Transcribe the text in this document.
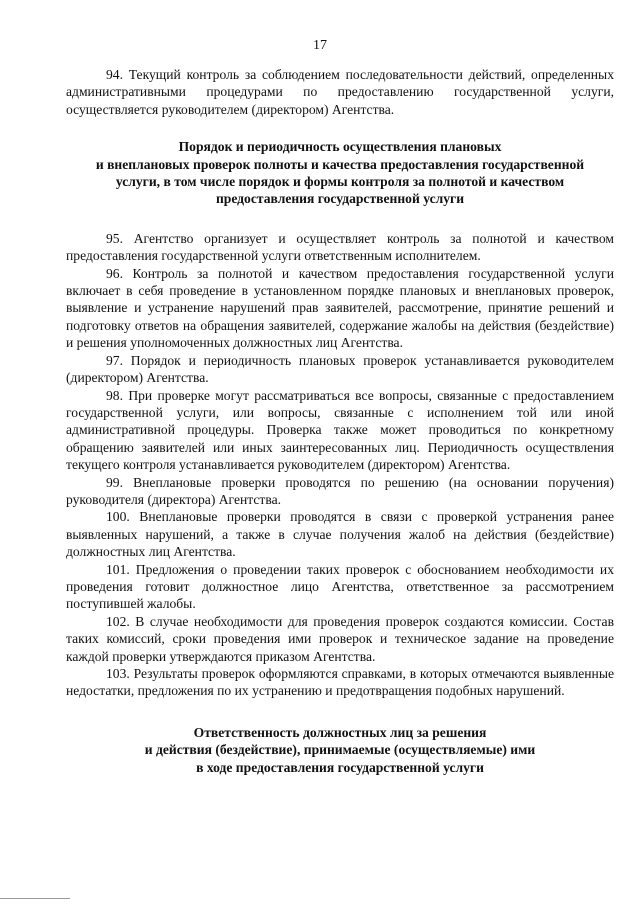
17

94. Текущий контроль за соблюдением последовательности действий, определенных административными процедурами по предоставлению государственной услуги, осуществляется руководителем (директором) Агентства.

Порядок и периодичность осуществления плановых
и внеплановых проверок полноты и качества предоставления государственной
услуги, в том числе порядок и формы контроля за полнотой и качеством
предоставления государственной услуги

95. Агентство организует и осуществляет контроль за полнотой и качеством предоставления государственной услуги ответственным исполнителем.

96. Контроль за полнотой и качеством предоставления государственной услуги включает в себя проведение в установленном порядке плановых и внеплановых проверок, выявление и устранение нарушений прав заявителей, рассмотрение, принятие решений и подготовку ответов на обращения заявителей, содержание жалобы на действия (бездействие) и решения уполномоченных должностных лиц Агентства.

97. Порядок и периодичность плановых проверок устанавливается руководителем (директором) Агентства.

98. При проверке могут рассматриваться все вопросы, связанные с предоставлением государственной услуги, или вопросы, связанные с исполнением той или иной административной процедуры. Проверка также может проводиться по конкретному обращению заявителей или иных заинтересованных лиц. Периодичность осуществления текущего контроля устанавливается руководителем (директором) Агентства.

99. Внеплановые проверки проводятся по решению (на основании поручения) руководителя (директора) Агентства.

100. Внеплановые проверки проводятся в связи с проверкой устранения ранее выявленных нарушений, а также в случае получения жалоб на действия (бездействие) должностных лиц Агентства.

101. Предложения о проведении таких проверок с обоснованием необходимости их проведения готовит должностное лицо Агентства, ответственное за рассмотрением поступившей жалобы.

102. В случае необходимости для проведения проверок создаются комиссии. Состав таких комиссий, сроки проведения ими проверок и техническое задание на проведение каждой проверки утверждаются приказом Агентства.

103. Результаты проверок оформляются справками, в которых отмечаются выявленные недостатки, предложения по их устранению и предотвращения подобных нарушений.

Ответственность должностных лиц за решения
и действия (бездействие), принимаемые (осуществляемые) ими
в ходе предоставления государственной услуги
